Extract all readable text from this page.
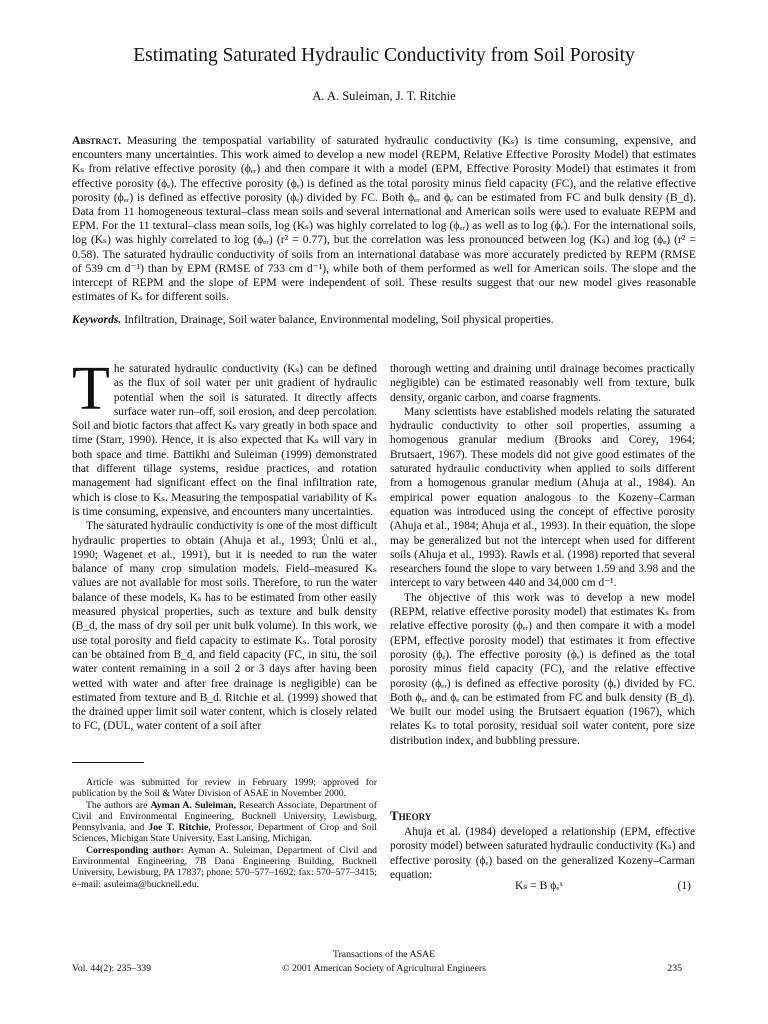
Estimating Saturated Hydraulic Conductivity from Soil Porosity
A. A. Suleiman, J. T. Ritchie

Abstract. Measuring the tempospatial variability of saturated hydraulic conductivity (Kₛ) is time consuming, expensive, and encounters many uncertainties. This work aimed to develop a new model (REPM, Relative Effective Porosity Model) that estimates Kₛ from relative effective porosity (ϕₑᵣ) and then compare it with a model (EPM, Effective Porosity Model) that estimates it from effective porosity (ϕₑ). The effective porosity (ϕₑ) is defined as the total porosity minus field capacity (FC), and the relative effective porosity (ϕₑᵣ) is defined as effective porosity (ϕₑ) divided by FC. Both ϕₑᵣ and ϕₑ can be estimated from FC and bulk density (B_d). Data from 11 homogeneous textural–class mean soils and several international and American soils were used to evaluate REPM and EPM. For the 11 textural–class mean soils, log (Kₛ) was highly correlated to log (ϕₑᵣ) as well as to log (ϕₑ). For the international soils, log (Kₛ) was highly correlated to log (ϕₑᵣ) (r² = 0.77), but the correlation was less pronounced between log (Kₛ) and log (ϕₑ) (r² = 0.58). The saturated hydraulic conductivity of soils from an international database was more accurately predicted by REPM (RMSE of 539 cm d⁻¹) than by EPM (RMSE of 733 cm d⁻¹), while both of them performed as well for American soils. The slope and the intercept of REPM and the slope of EPM were independent of soil. These results suggest that our new model gives reasonable estimates of Kₛ for different soils.

Keywords. Infiltration, Drainage, Soil water balance, Environmental modeling, Soil physical properties.

The saturated hydraulic conductivity (Kₛ) can be defined as the flux of soil water per unit gradient of hydraulic potential when the soil is saturated. It directly affects surface water run–off, soil erosion, and deep percolation. Soil and biotic factors that affect Kₛ vary greatly in both space and time (Starr, 1990). Hence, it is also expected that Kₛ will vary in both space and time. Battikhi and Suleiman (1999) demonstrated that different tillage systems, residue practices, and rotation management had significant effect on the final infiltration rate, which is close to Kₛ. Measuring the tempospatial variability of Kₛ is time consuming, expensive, and encounters many uncertainties.

The saturated hydraulic conductivity is one of the most difficult hydraulic properties to obtain (Ahuja et al., 1993; Ünlü et al., 1990; Wagenet et al., 1991), but it is needed to run the water balance of many crop simulation models. Field–measured Kₛ values are not available for most soils. Therefore, to run the water balance of these models, Kₛ has to be estimated from other easily measured physical properties, such as texture and bulk density (B_d, the mass of dry soil per unit bulk volume). In this work, we use total porosity and field capacity to estimate Kₛ. Total porosity can be obtained from B_d, and field capacity (FC, in situ, the soil water content remaining in a soil 2 or 3 days after having been wetted with water and after free drainage is negligible) can be estimated from texture and B_d. Ritchie et al. (1999) showed that the drained upper limit soil water content, which is closely related to FC, (DUL, water content of a soil after

thorough wetting and draining until drainage becomes practically negligible) can be estimated reasonably well from texture, bulk density, organic carbon, and coarse fragments.

Many scientists have established models relating the saturated hydraulic conductivity to other soil properties, assuming a homogenous granular medium (Brooks and Corey, 1964; Brutsaert, 1967). These models did not give good estimates of the saturated hydraulic conductivity when applied to soils different from a homogenous granular medium (Ahuja at al., 1984). An empirical power equation analogous to the Kozeny–Carman equation was introduced using the concept of effective porosity (Ahuja et al., 1984; Ahuja et al., 1993). In their equation, the slope may be generalized but not the intercept when used for different soils (Ahuja et al., 1993). Rawls et al. (1998) reported that several researchers found the slope to vary between 1.59 and 3.98 and the intercept to vary between 440 and 34,000 cm d⁻¹.

The objective of this work was to develop a new model (REPM, relative effective porosity model) that estimates Kₛ from relative effective porosity (ϕₑᵣ) and then compare it with a model (EPM, effective porosity model) that estimates it from effective porosity (ϕₑ). The effective porosity (ϕₑ) is defined as the total porosity minus field capacity (FC), and the relative effective porosity (ϕₑᵣ) is defined as effective porosity (ϕₑ) divided by FC. Both ϕₑᵣ and ϕₑ can be estimated from FC and bulk density (B_d). We built our model using the Brutsaert equation (1967), which relates Kₛ to total porosity, residual soil water content, pore size distribution index, and bubbling pressure.

Article was submitted for review in February 1999; approved for publication by the Soil & Water Division of ASAE in November 2000.

The authors are Ayman A. Suleiman, Research Associate, Department of Civil and Environmental Engineering, Bucknell University, Lewisburg, Pennsylvania, and Joe T. Ritchie, Professor, Department of Crop and Soil Sciences, Michigan State University, East Lansing, Michigan.

Corresponding author: Ayman A. Suleiman, Department of Civil and Environmental Engineering, 7B Dana Engineering Building, Bucknell University, Lewisburg, PA 17837; phone: 570–577–1692; fax: 570–577–3415; e–mail: asuleima@bucknell.edu.

Theory

Ahuja et al. (1984) developed a relationship (EPM, effective porosity model) between saturated hydraulic conductivity (Kₛ) and effective porosity (ϕₑ) based on the generalized Kozeny–Carman equation:

Kₛ = B ϕₑˣ	(1)
Transactions of the ASAE
Vol. 44(2): 235–339	© 2001 American Society of Agricultural Engineers	235
